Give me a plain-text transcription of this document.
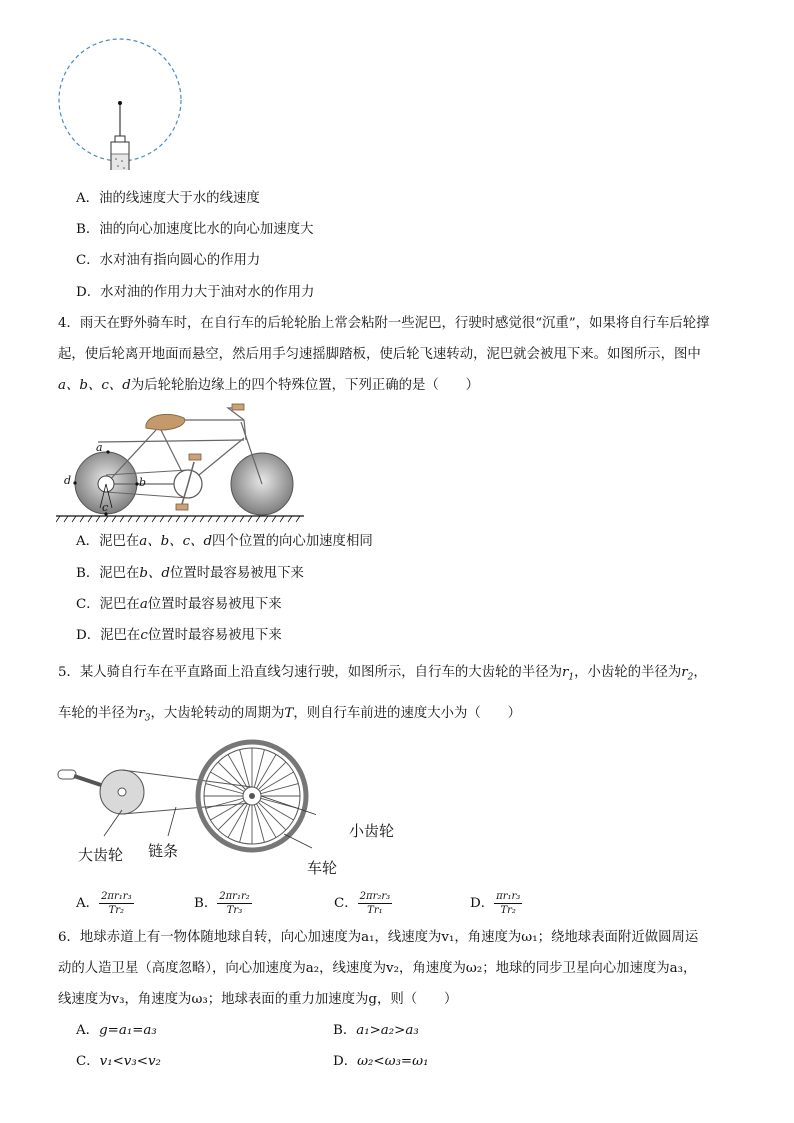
A．油的线速度大于水的线速度
B．油的向心加速度比水的向心加速度大
C．水对油有指向圆心的作用力
D．水对油的作用力大于油对水的作用力
4．雨天在野外骑车时，在自行车的后轮轮胎上常会粘附一些泥巴，行驶时感觉很“沉重”，如果将自行车后轮撑
起，使后轮离开地面而悬空，然后用手匀速摇脚踏板，使后轮飞速转动，泥巴就会被甩下来。如图所示，图中
a、b、c、d为后轮轮胎边缘上的四个特殊位置，下列正确的是（　　）
a
b
c
d
A．泥巴在a、b、c、d四个位置的向心加速度相同
B．泥巴在b、d位置时最容易被甩下来
C．泥巴在a位置时最容易被甩下来
D．泥巴在c位置时最容易被甩下来
5．某人骑自行车在平直路面上沿直线匀速行驶，如图所示，自行车的大齿轮的半径为$r_1$，小齿轮的半径为$r_2$，
车轮的半径为$r_3$，大齿轮转动的周期为T，则自行车前进的速度大小为（　　）
大齿轮 链条
小齿轮
车轮
A． $\frac{\text{2πr₁r₃}}{\text{Tr₂}}$	B． $\frac{\text{2πr₁r₂}}{\text{Tr₃}}$	C． $\frac{\text{2πr₂r₃}}{\text{Tr₁}}$	D． $\frac{\text{πr₁r₃}}{\text{Tr₂}}$
6．地球赤道上有一物体随地球自转，向心加速度为a₁，线速度为v₁，角速度为ω₁；绕地球表面附近做圆周运
动的人造卫星（高度忽略），向心加速度为a₂，线速度为v₂，角速度为ω₂；地球的同步卫星向心加速度为a₃，
线速度为v₃，角速度为ω₃；地球表面的重力加速度为g，则（　　）
A．g=a₁=a₃	B．a₁>a₂>a₃
C．v₁<v₃<v₂	D．ω₂<ω₃=ω₁
